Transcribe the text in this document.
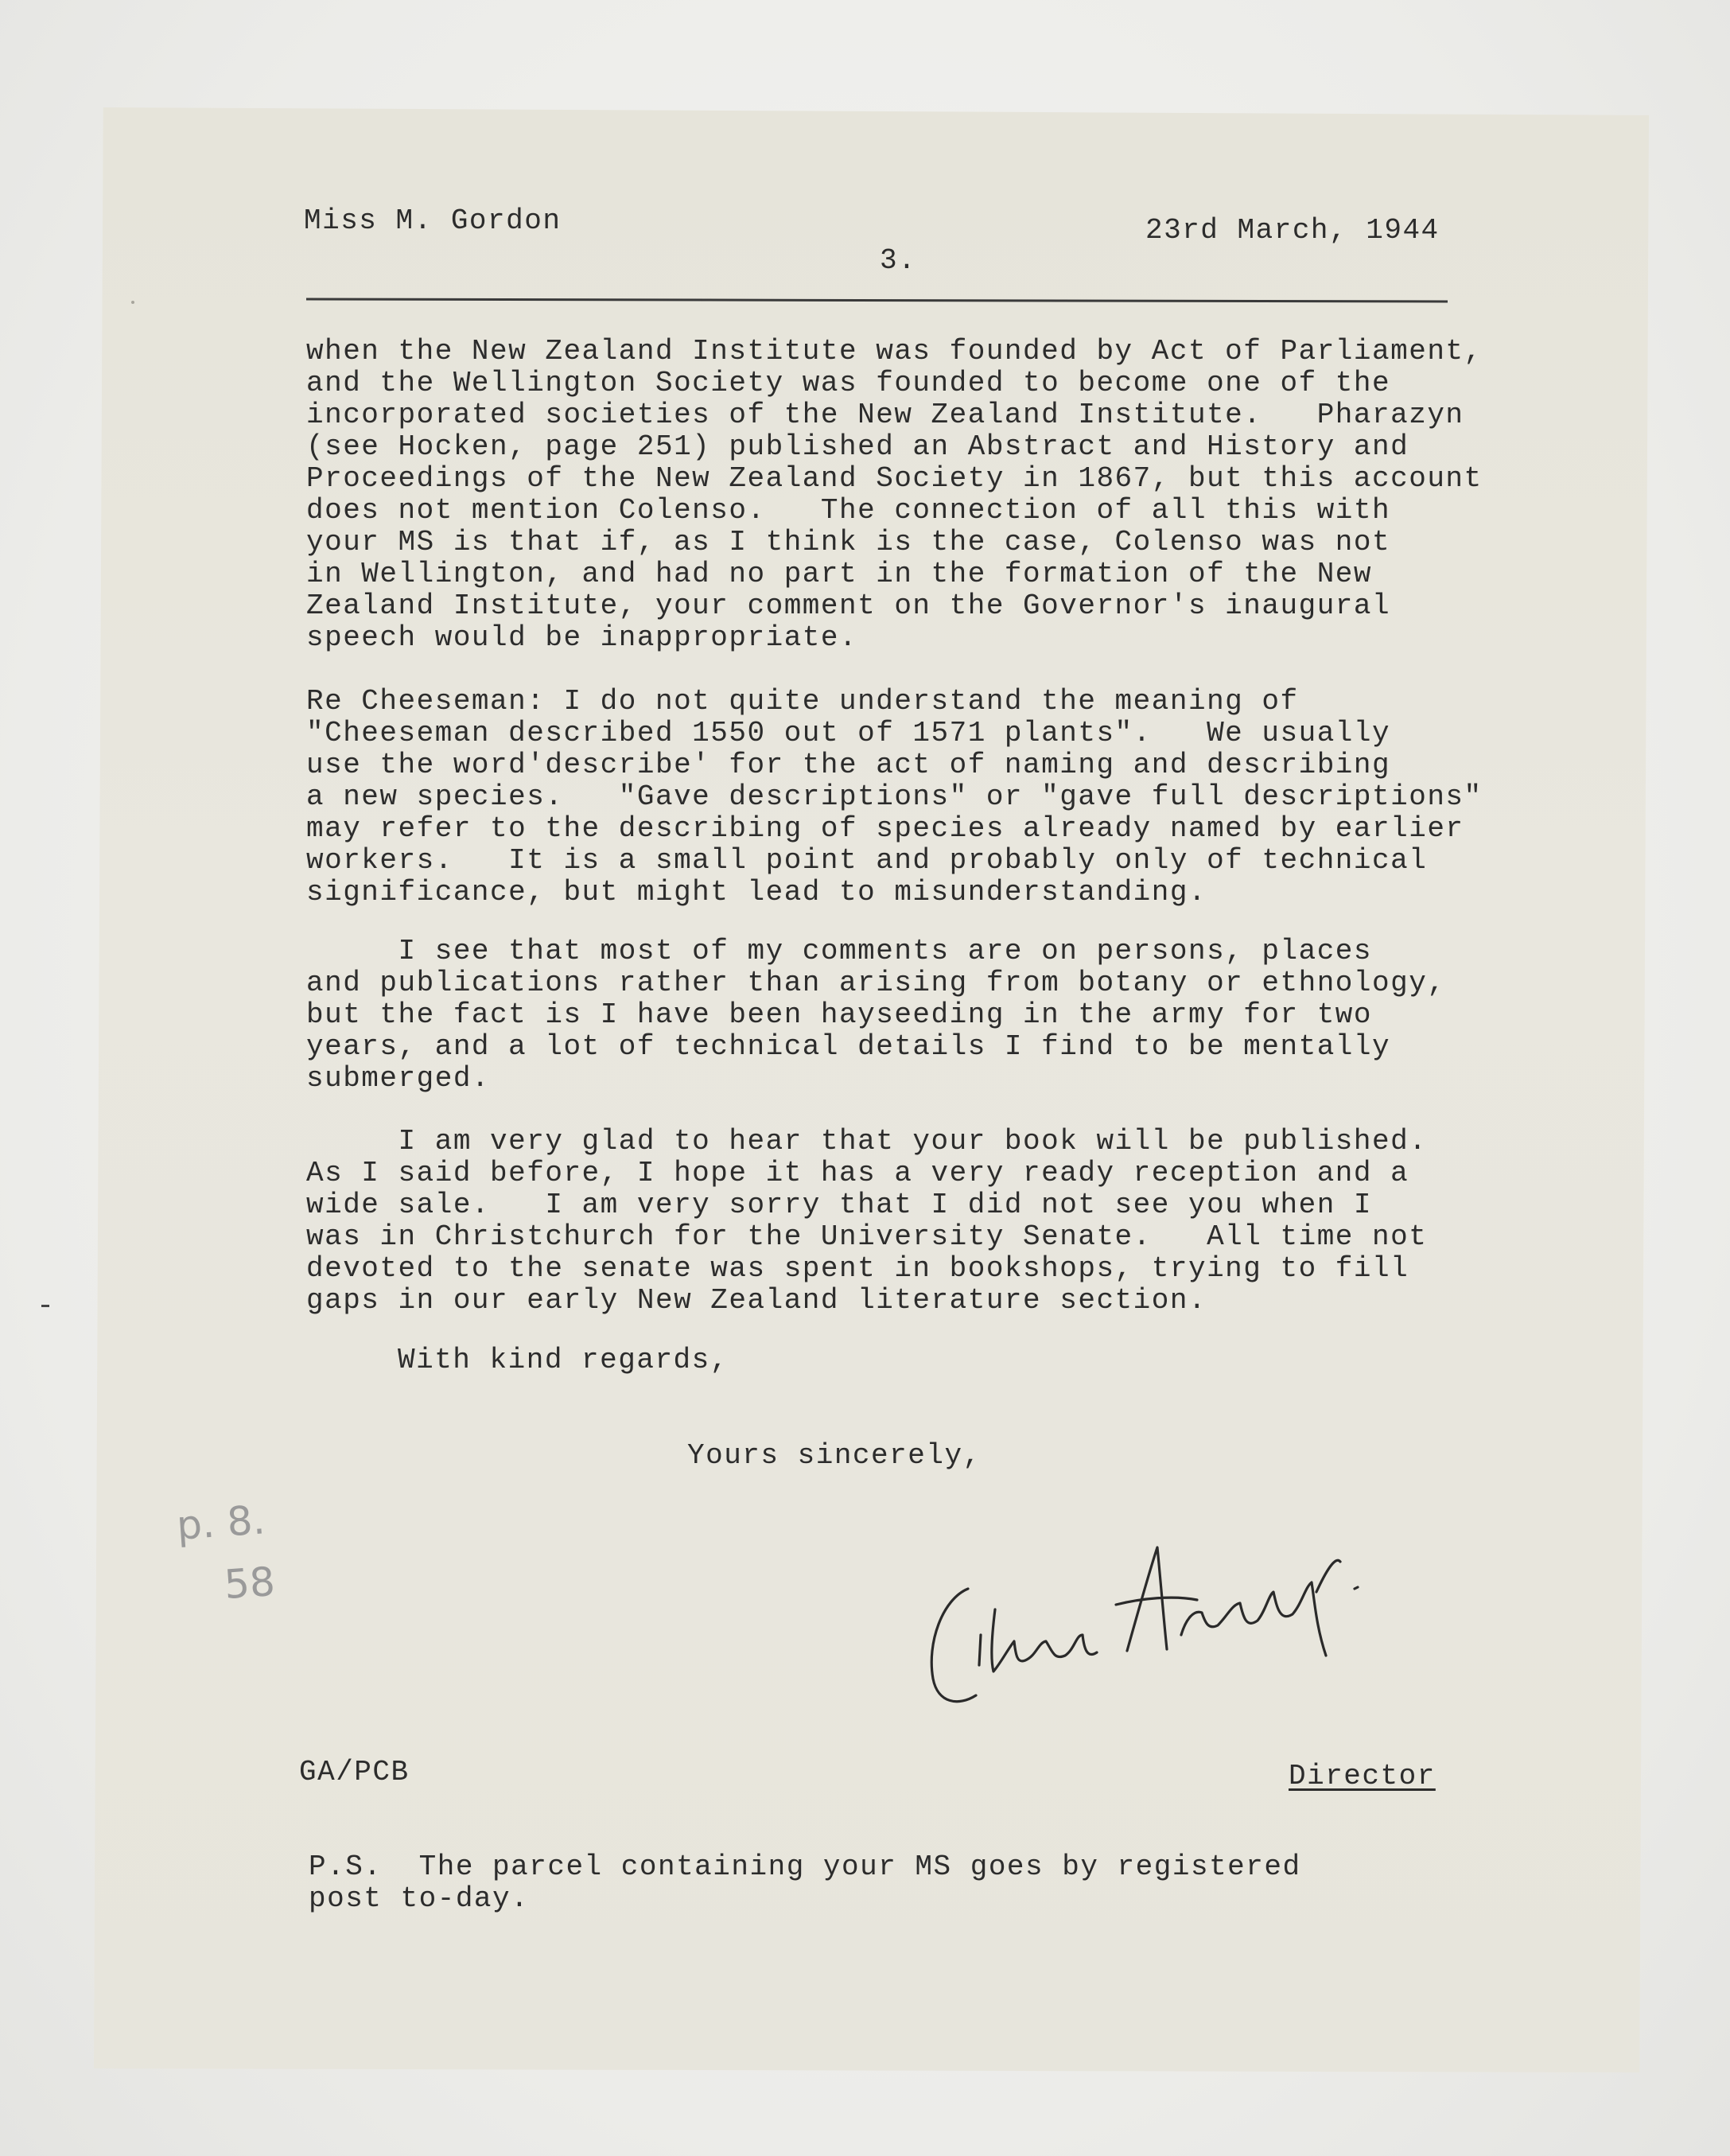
Miss M. Gordon	23rd March, 1944
3.

when the New Zealand Institute was founded by Act of Parliament,
and the Wellington Society was founded to become one of the
incorporated societies of the New Zealand Institute.   Pharazyn
(see Hocken, page 251) published an Abstract and History and
Proceedings of the New Zealand Society in 1867, but this account
does not mention Colenso.   The connection of all this with
your MS is that if, as I think is the case, Colenso was not
in Wellington, and had no part in the formation of the New
Zealand Institute, your comment on the Governor's inaugural
speech would be inappropriate.

Re Cheeseman: I do not quite understand the meaning of
"Cheeseman described 1550 out of 1571 plants".   We usually
use the word'describe' for the act of naming and describing
a new species.   "Gave descriptions" or "gave full descriptions"
may refer to the describing of species already named by earlier
workers.   It is a small point and probably only of technical
significance, but might lead to misunderstanding.

I see that most of my comments are on persons, places
and publications rather than arising from botany or ethnology,
but the fact is I have been hayseeding in the army for two
years, and a lot of technical details I find to be mentally
submerged.

I am very glad to hear that your book will be published.
As I said before, I hope it has a very ready reception and a
wide sale.   I am very sorry that I did not see you when I
was in Christchurch for the University Senate.   All time not
devoted to the senate was spent in bookshops, trying to fill
gaps in our early New Zealand literature section.

With kind regards,
Yours sincerely,
p. 8.
58
GA/PCB	Director

P.S.  The parcel containing your MS goes by registered
post to-day.
